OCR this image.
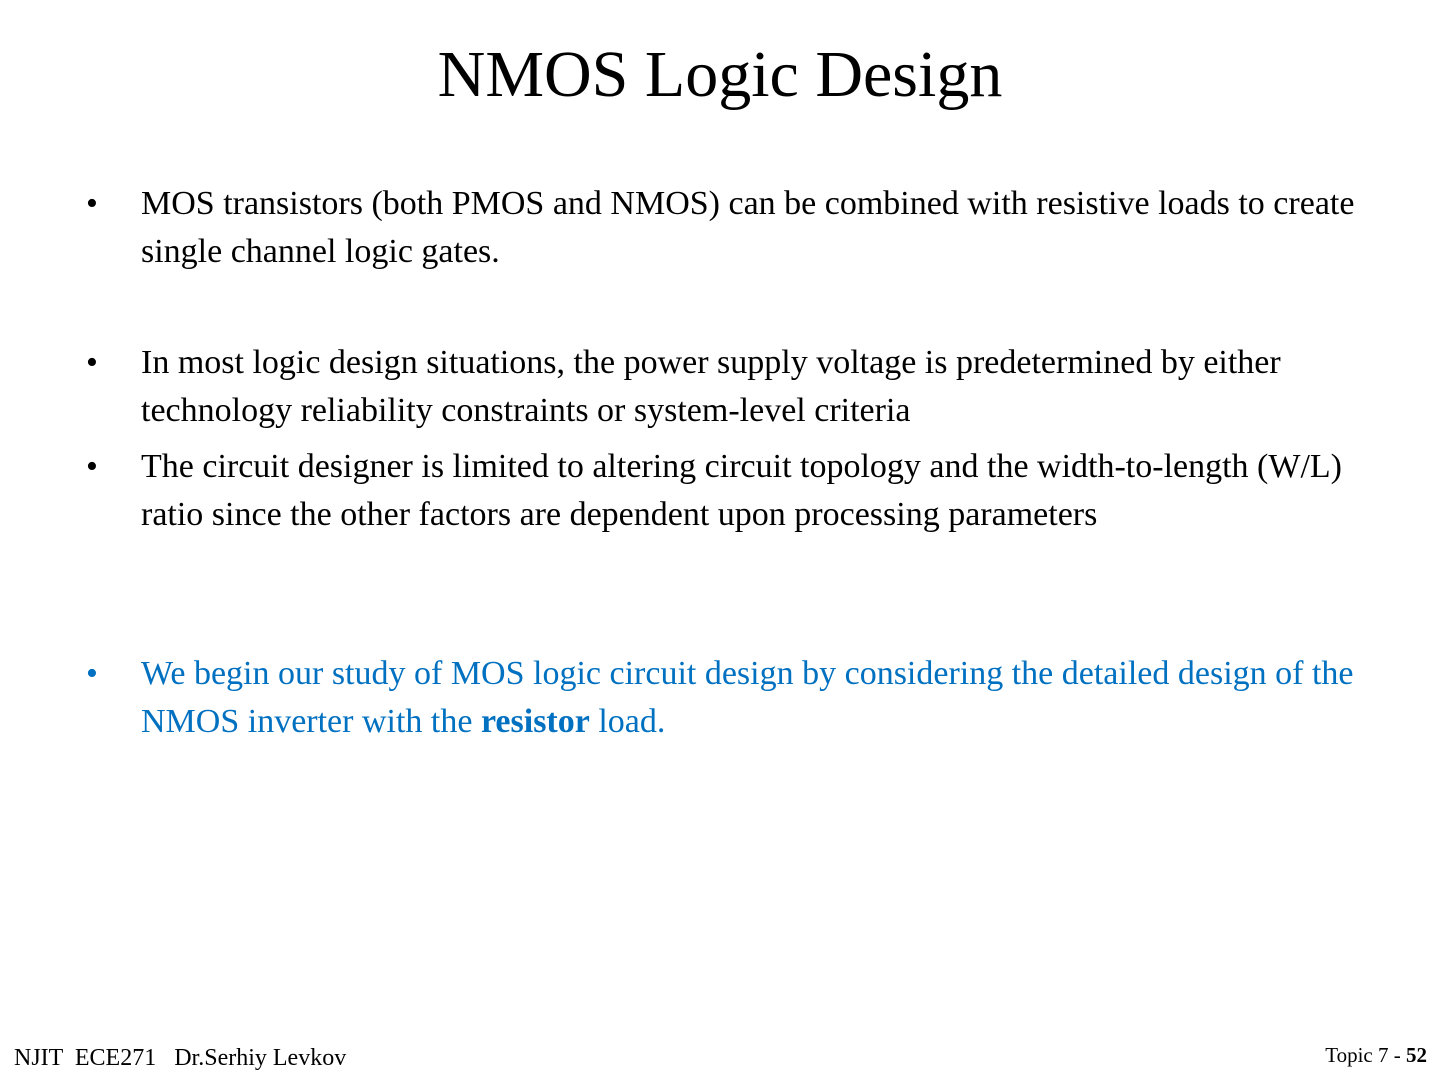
NMOS Logic Design
• MOS transistors (both PMOS and NMOS) can be combined with resistive loads to create single channel logic gates.
• In most logic design situations, the power supply voltage is predetermined by either technology reliability constraints or system-level criteria
• The circuit designer is limited to altering circuit topology and the width-to-length (W/L) ratio since the other factors are dependent upon processing parameters
• We begin our study of MOS logic circuit design by considering the detailed design of the NMOS inverter with the resistor load.
NJIT  ECE271   Dr.Serhiy Levkov	Topic 7 - 52
